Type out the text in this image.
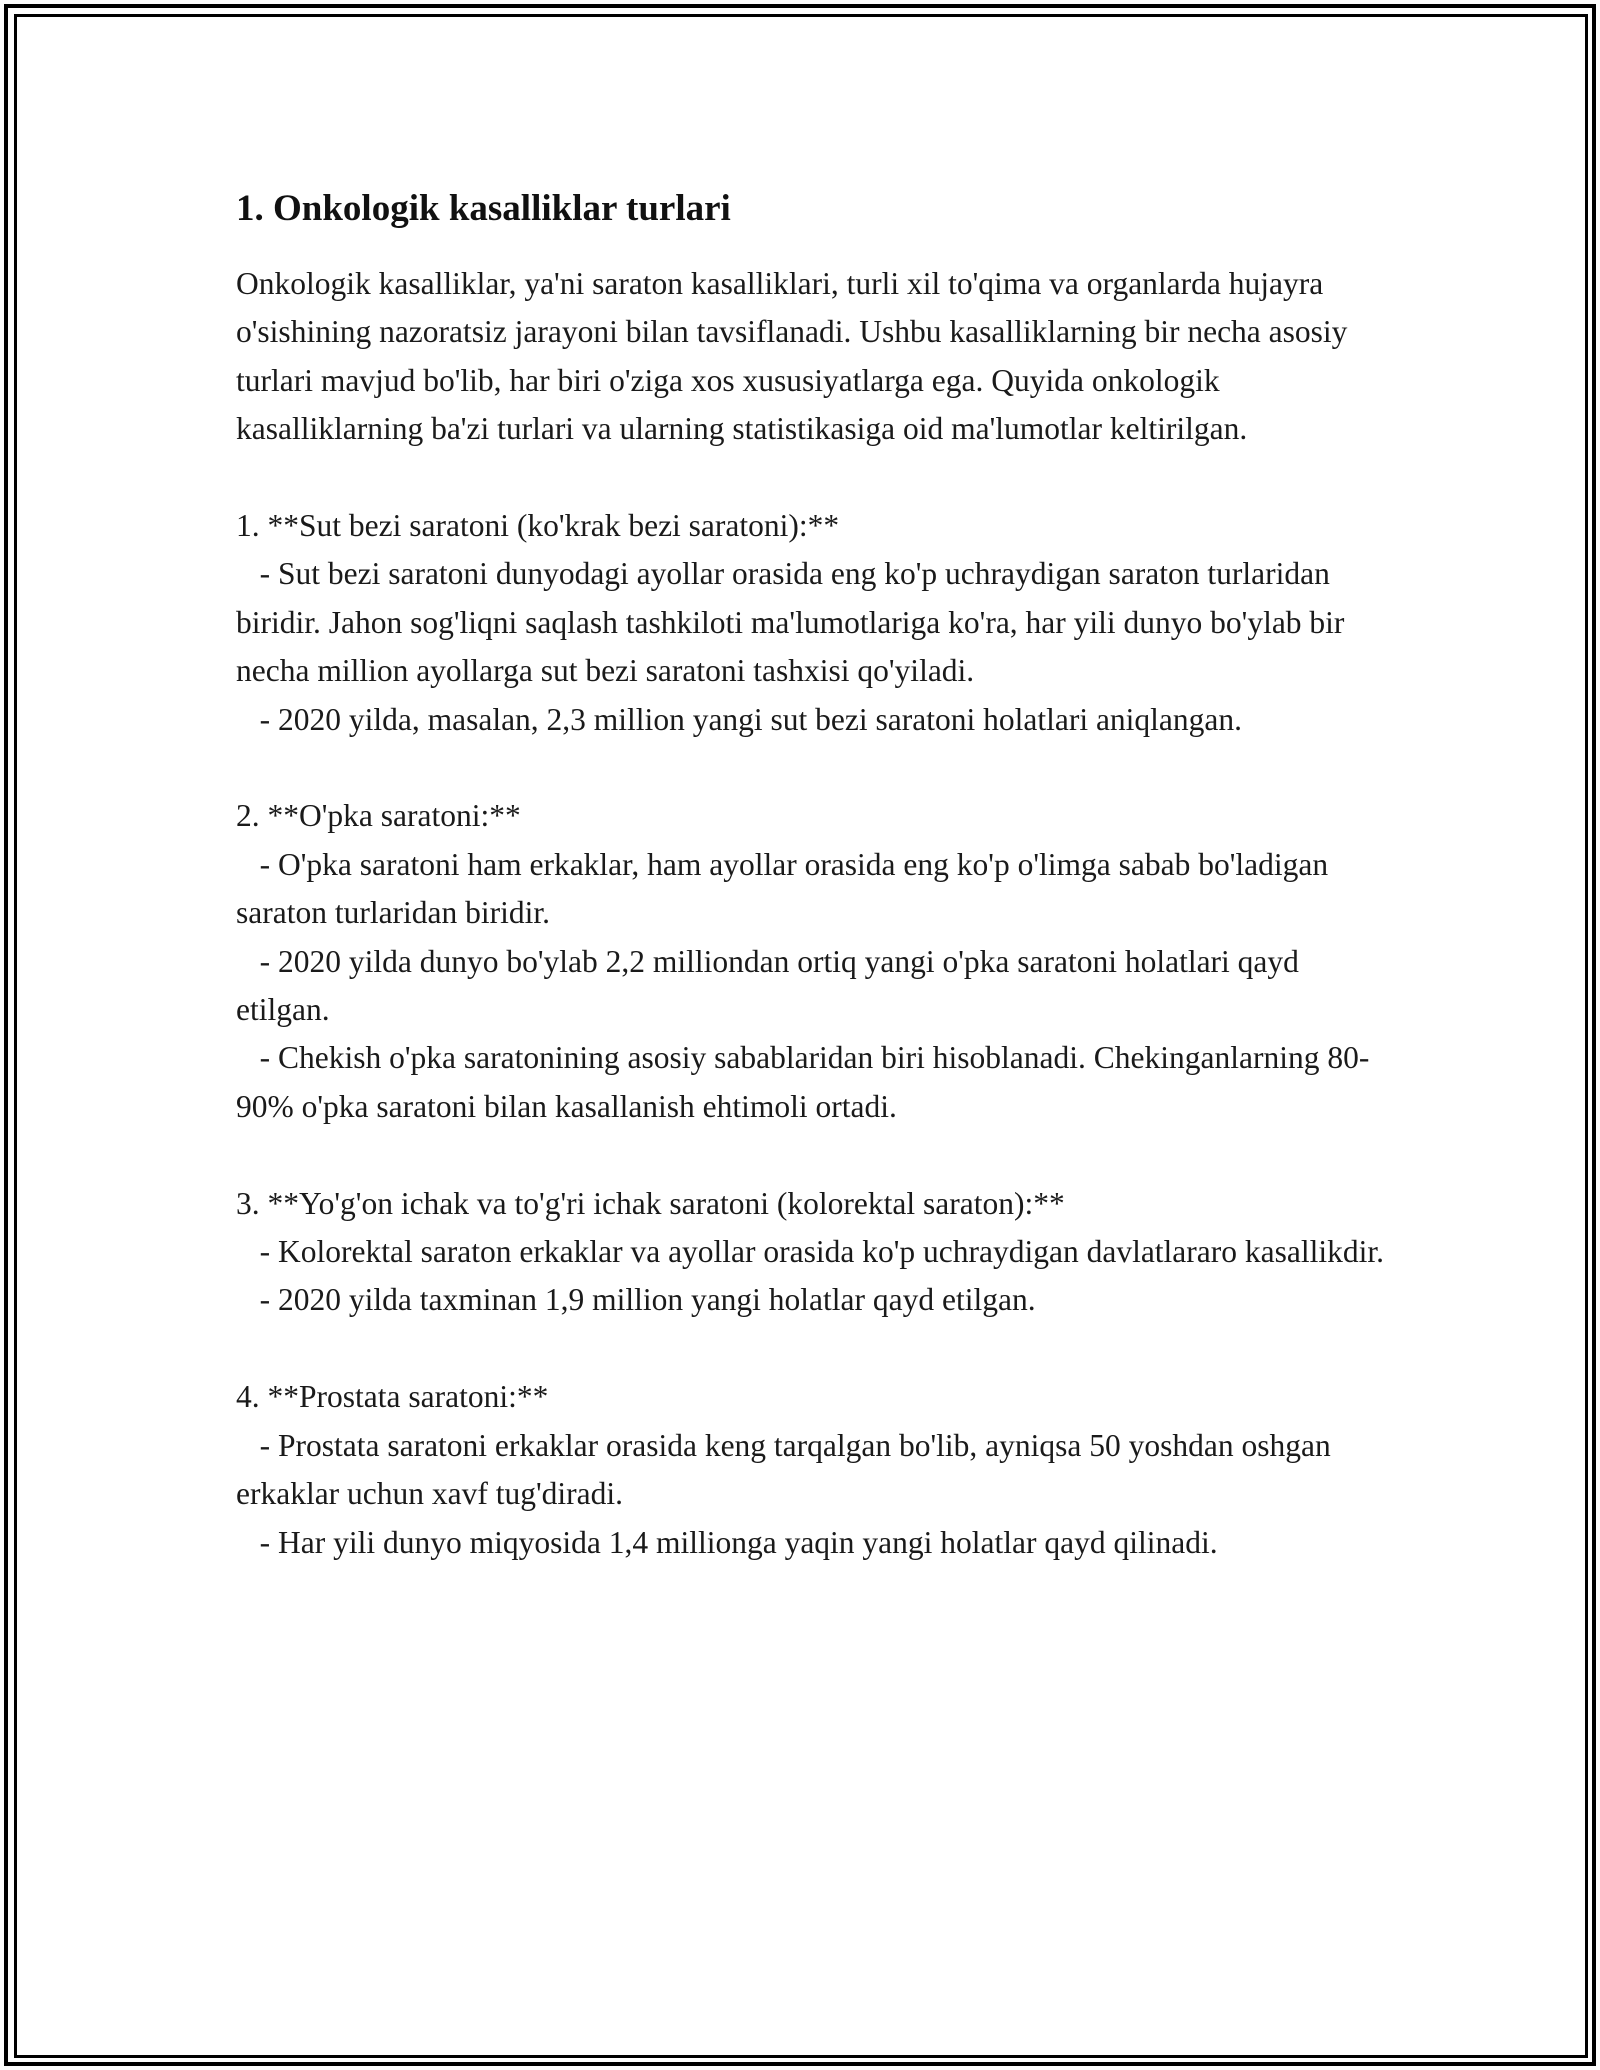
1. Onkologik kasalliklar turlari

Onkologik kasalliklar, ya'ni saraton kasalliklari, turli xil to'qima va organlarda hujayra o'sishining nazoratsiz jarayoni bilan tavsiflanadi. Ushbu kasalliklarning bir necha asosiy turlari mavjud bo'lib, har biri o'ziga xos xususiyatlarga ega. Quyida onkologik kasalliklarning ba'zi turlari va ularning statistikasiga oid ma'lumotlar keltirilgan.

1. **Sut bezi saratoni (ko'krak bezi saratoni):**

- Sut bezi saratoni dunyodagi ayollar orasida eng ko'p uchraydigan saraton turlaridan biridir. Jahon sog'liqni saqlash tashkiloti ma'lumotlariga ko'ra, har yili dunyo bo'ylab bir necha million ayollarga sut bezi saratoni tashxisi qo'yiladi.

- 2020 yilda, masalan, 2,3 million yangi sut bezi saratoni holatlari aniqlangan.

2. **O'pka saratoni:**

- O'pka saratoni ham erkaklar, ham ayollar orasida eng ko'p o'limga sabab bo'ladigan saraton turlaridan biridir.

- 2020 yilda dunyo bo'ylab 2,2 milliondan ortiq yangi o'pka saratoni holatlari qayd etilgan.

- Chekish o'pka saratonining asosiy sabablaridan biri hisoblanadi. Chekinganlarning 80-90% o'pka saratoni bilan kasallanish ehtimoli ortadi.

3. **Yo'g'on ichak va to'g'ri ichak saratoni (kolorektal saraton):**

- Kolorektal saraton erkaklar va ayollar orasida ko'p uchraydigan davlatlararo kasallikdir.

- 2020 yilda taxminan 1,9 million yangi holatlar qayd etilgan.

4. **Prostata saratoni:**

- Prostata saratoni erkaklar orasida keng tarqalgan bo'lib, ayniqsa 50 yoshdan oshgan erkaklar uchun xavf tug'diradi.

- Har yili dunyo miqyosida 1,4 millionga yaqin yangi holatlar qayd qilinadi.
